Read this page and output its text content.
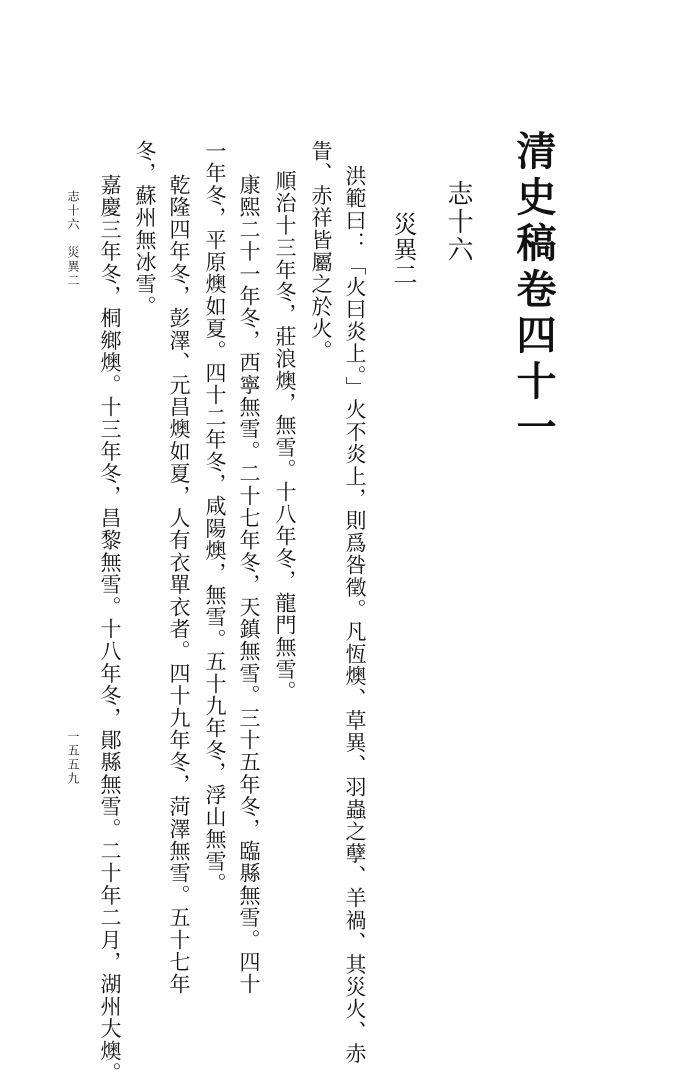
清史稿卷四十一
志十六
災異二
洪範曰：「火曰炎上。」火不炎上，則爲咎徵。凡恆燠、草異、羽蟲之孽、羊禍、其災火、赤
眚、赤祥皆屬之於火。
順治十三年冬，莊浪燠，無雪。十八年冬，龍門無雪。
康熙二十一年冬，西寧無雪。二十七年冬，天鎮無雪。三十五年冬，臨縣無雪。四十
一年冬，平原燠如夏。四十二年冬，咸陽燠，無雪。五十九年冬，浮山無雪。
乾隆四年冬，彭澤、元昌燠如夏，人有衣單衣者。四十九年冬，菏澤無雪。五十七年
冬，蘇州無冰雪。
嘉慶三年冬，桐鄉燠。十三年冬，昌黎無雪。十八年冬，鄖縣無雪。二十年二月，湖州大燠。
志十六　災異二
一五五九
